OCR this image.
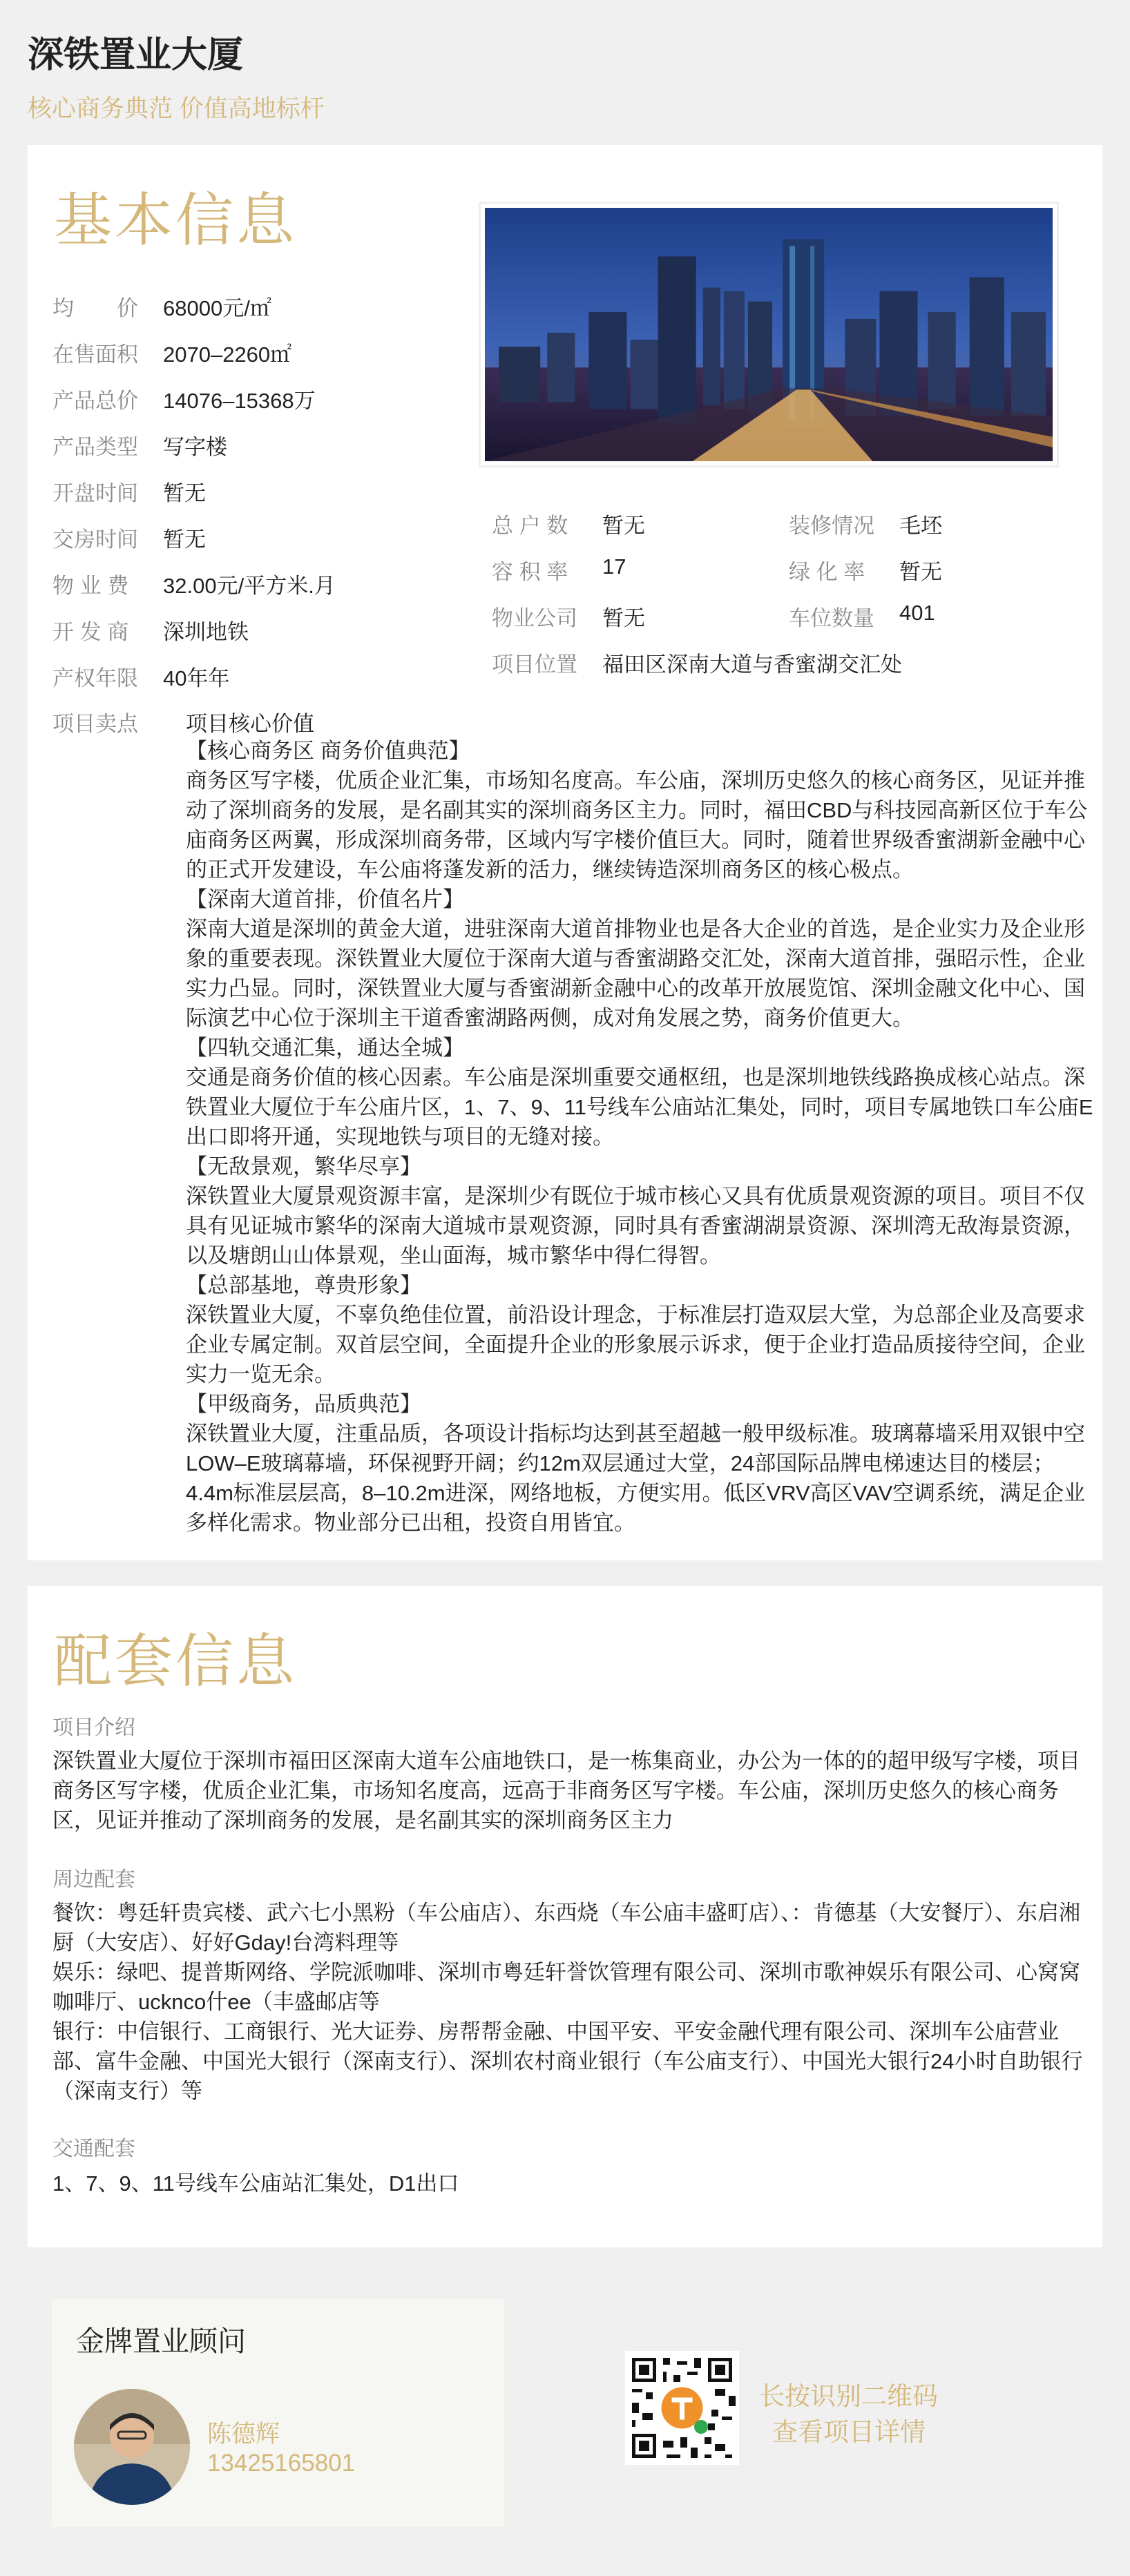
深铁置业大厦
核心商务典范 价值高地标杆
基本信息
均　　价	68000元/㎡
在售面积	2070–2260㎡
产品总价	14076–15368万
产品类型	写字楼
开盘时间	暂无
交房时间	暂无
物 业 费	32.00元/平方米.月
开 发 商	深圳地铁
产权年限	40年年
总 户 数	暂无	装修情况	毛坯
容 积 率	17	绿 化 率	暂无
物业公司	暂无	车位数量	401
项目位置	福田区深南大道与香蜜湖交汇处
项目卖点	项目核心价值
【核心商务区 商务价值典范】
商务区写字楼，优质企业汇集，市场知名度高。车公庙，深圳历史悠久的核心商务区，见证并推动了深圳商务的发展，是名副其实的深圳商务区主力。同时，福田CBD与科技园高新区位于车公庙商务区两翼，形成深圳商务带，区域内写字楼价值巨大。同时，随着世界级香蜜湖新金融中心的正式开发建设，车公庙将蓬发新的活力，继续铸造深圳商务区的核心极点。
【深南大道首排，价值名片】
深南大道是深圳的黄金大道，进驻深南大道首排物业也是各大企业的首选，是企业实力及企业形象的重要表现。深铁置业大厦位于深南大道与香蜜湖路交汇处，深南大道首排，强昭示性，企业实力凸显。同时，深铁置业大厦与香蜜湖新金融中心的改革开放展览馆、深圳金融文化中心、国际演艺中心位于深圳主干道香蜜湖路两侧，成对角发展之势，商务价值更大。
【四轨交通汇集，通达全城】
交通是商务价值的核心因素。车公庙是深圳重要交通枢纽，也是深圳地铁线路换成核心站点。深铁置业大厦位于车公庙片区，1、7、9、11号线车公庙站汇集处，同时，项目专属地铁口车公庙E出口即将开通，实现地铁与项目的无缝对接。
【无敌景观，繁华尽享】
深铁置业大厦景观资源丰富，是深圳少有既位于城市核心又具有优质景观资源的项目。项目不仅具有见证城市繁华的深南大道城市景观资源，同时具有香蜜湖湖景资源、深圳湾无敌海景资源，以及塘朗山山体景观，坐山面海，城市繁华中得仁得智。
【总部基地，尊贵形象】
深铁置业大厦，不辜负绝佳位置，前沿设计理念，于标准层打造双层大堂，为总部企业及高要求企业专属定制。双首层空间，全面提升企业的形象展示诉求，便于企业打造品质接待空间，企业实力一览无余。
【甲级商务，品质典范】
深铁置业大厦，注重品质，各项设计指标均达到甚至超越一般甲级标准。玻璃幕墙采用双银中空LOW–E玻璃幕墙，环保视野开阔；约12m双层通过大堂，24部国际品牌电梯速达目的楼层；4.4m标准层层高，8–10.2m进深，网络地板，方便实用。低区VRV高区VAV空调系统，满足企业多样化需求。物业部分已出租，投资自用皆宜。
配套信息
项目介绍
深铁置业大厦位于深圳市福田区深南大道车公庙地铁口，是一栋集商业，办公为一体的的超甲级写字楼，项目商务区写字楼，优质企业汇集，市场知名度高，远高于非商务区写字楼。车公庙，深圳历史悠久的核心商务区，见证并推动了深圳商务的发展，是名副其实的深圳商务区主力
周边配套
餐饮：粤廷轩贵宾楼、武六七小黑粉（车公庙店）、东西烧（车公庙丰盛町店）、：肯德基（大安餐厅）、东启湘厨（大安店）、好好Gday!台湾料理等
娱乐：绿吧、提普斯网络、学院派咖啡、深圳市粤廷轩誉饮管理有限公司、深圳市歌神娱乐有限公司、心窝窝咖啡厅、ucknco什ee（丰盛邮店等
银行：中信银行、工商银行、光大证券、房帮帮金融、中国平安、平安金融代理有限公司、深圳车公庙营业部、富牛金融、中国光大银行（深南支行）、深圳农村商业银行（车公庙支行）、中国光大银行24小时自助银行（深南支行）等
交通配套
1、7、9、11号线车公庙站汇集处，D1出口
金牌置业顾问
陈德辉
13425165801
长按识别二维码
查看项目详情
